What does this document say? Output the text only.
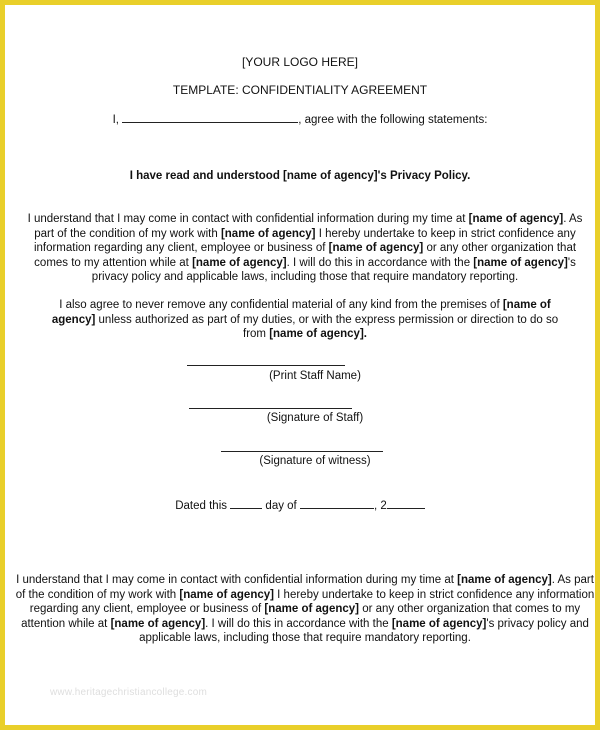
[YOUR LOGO HERE]
TEMPLATE: CONFIDENTIALITY AGREEMENT
I,	, agree with the following statements:
I have read and understood [name of agency]'s Privacy Policy.
I understand that I may come in contact with confidential information during my time at [name of agency]. As part of the condition of my work with [name of agency] I hereby undertake to keep in strict confidence any information regarding any client, employee or business of [name of agency] or any other organization that comes to my attention while at [name of agency]. I will do this in accordance with the [name of agency]'s privacy policy and applicable laws, including those that require mandatory reporting.
I also agree to never remove any confidential material of any kind from the premises of [name of agency] unless authorized as part of my duties, or with the express permission or direction to do so from [name of agency].
(Print Staff Name)
(Signature of Staff)
(Signature of witness)
Dated this	day of	, 2
I understand that I may come in contact with confidential information during my time at [name of agency]. As part of the condition of my work with [name of agency] I hereby undertake to keep in strict confidence any information regarding any client, employee or business of [name of agency] or any other organization that comes to my attention while at [name of agency]. I will do this in accordance with the [name of agency]'s privacy policy and applicable laws, including those that require mandatory reporting.
www.heritagechristiancollege.com
